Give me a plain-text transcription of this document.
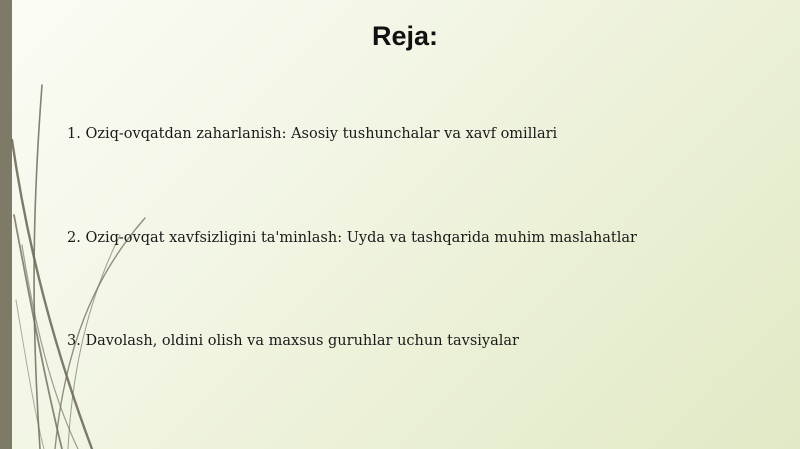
Reja:
1. Oziq-ovqatdan zaharlanish: Asosiy tushunchalar va xavf omillari
2. Oziq-ovqat xavfsizligini ta'minlash: Uyda va tashqarida muhim maslahatlar
3. Davolash, oldini olish va maxsus guruhlar uchun tavsiyalar
